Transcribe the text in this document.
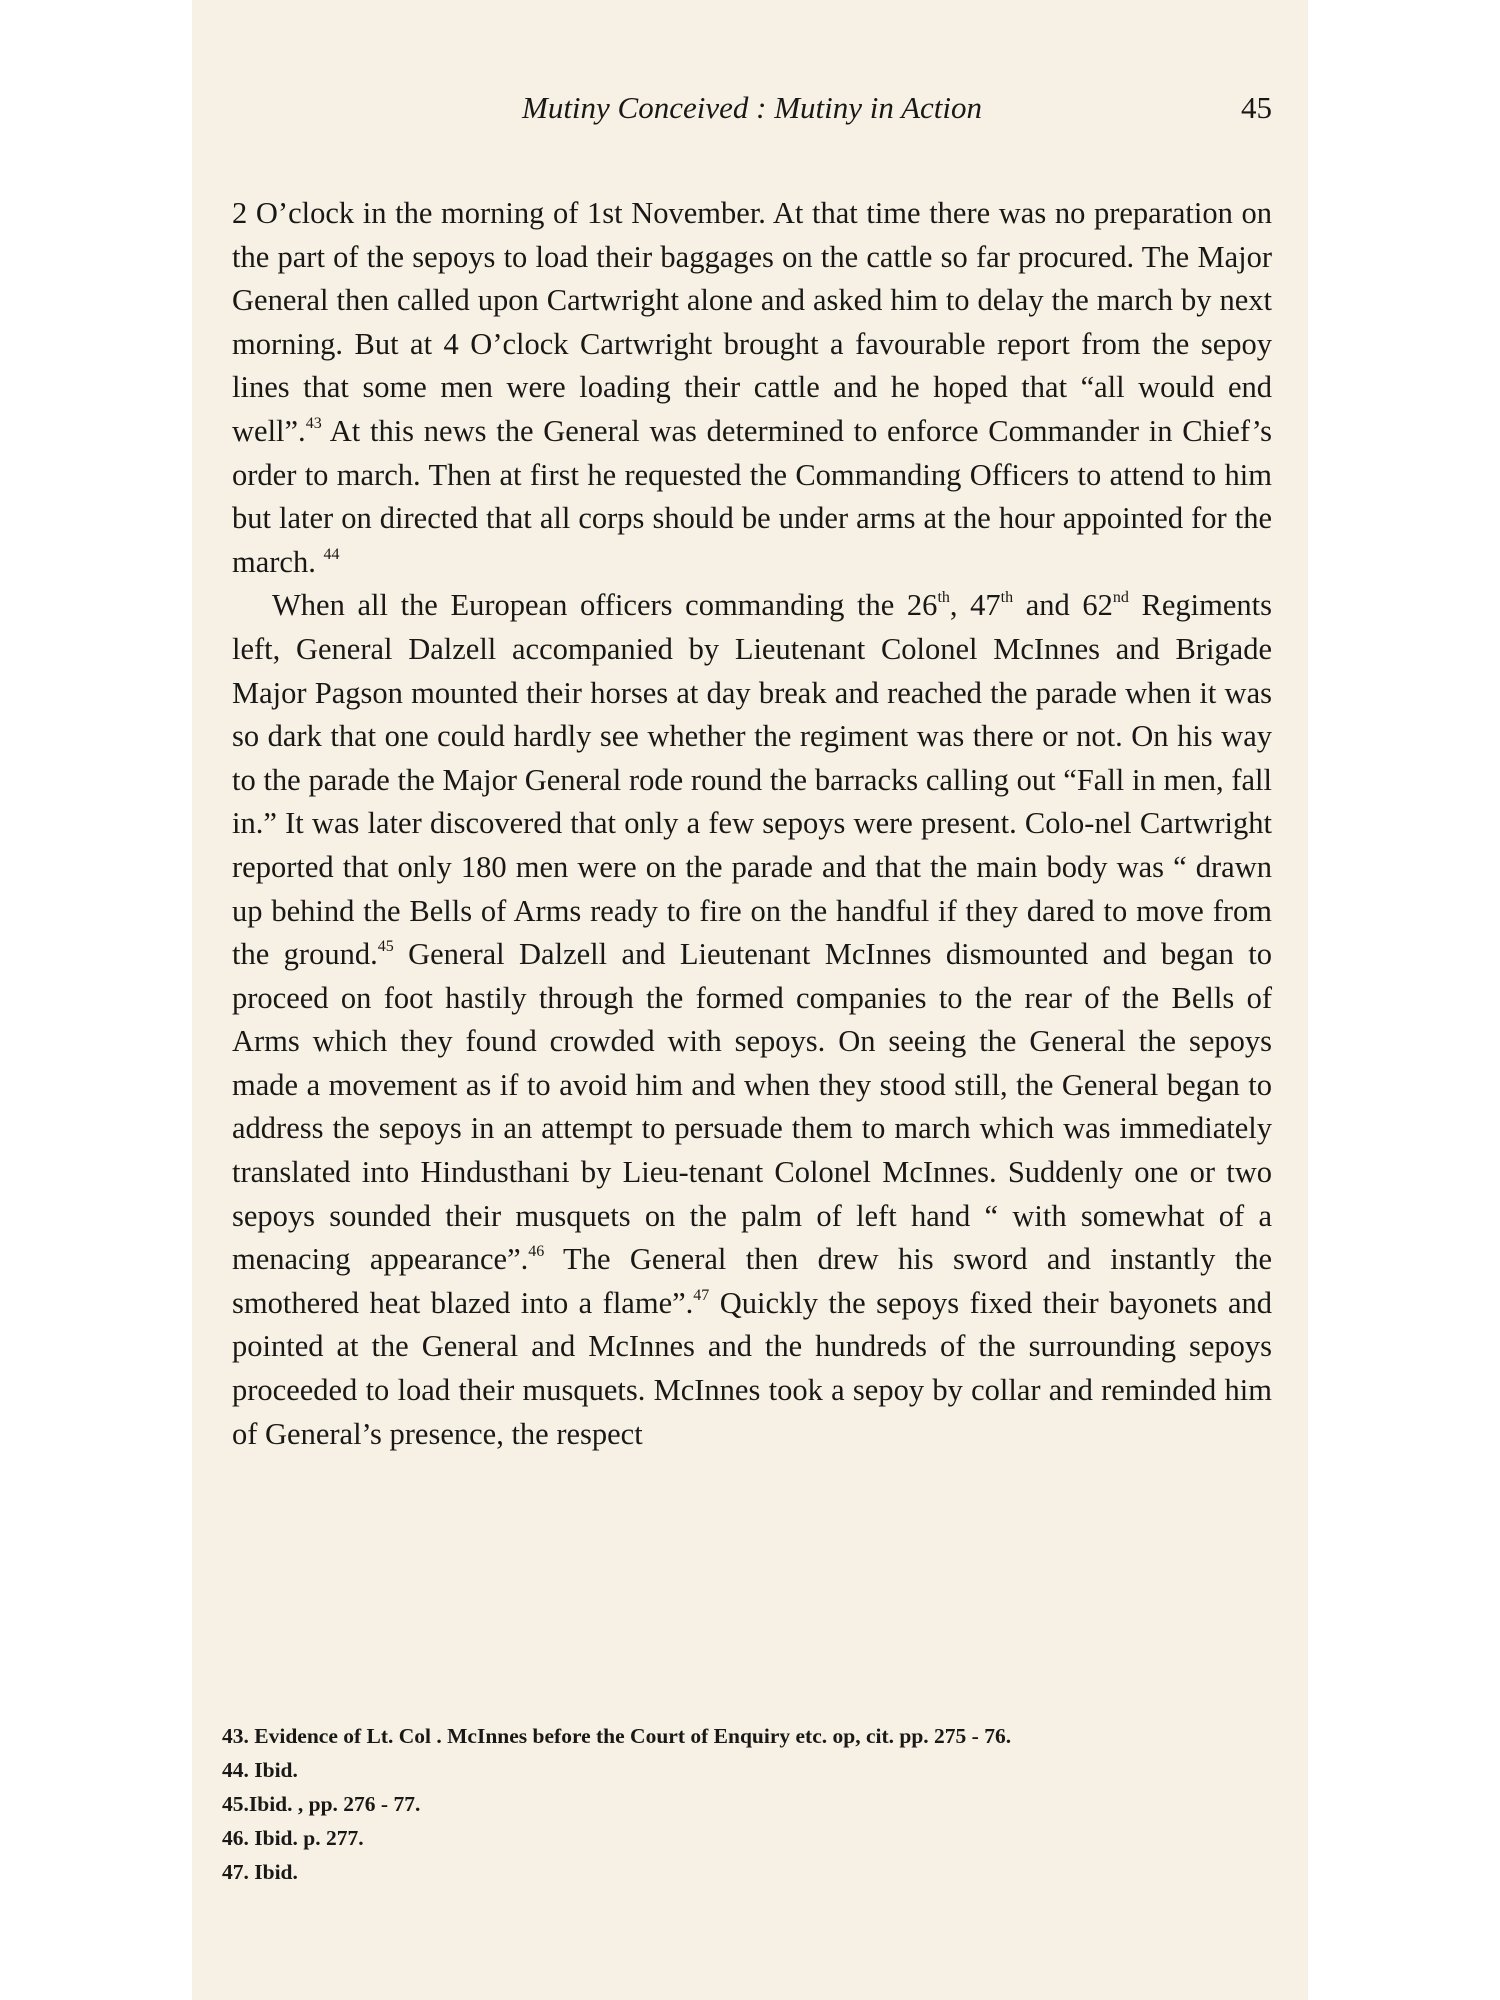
Mutiny Conceived : Mutiny in Action	45

2 O’clock in the morning of 1st November. At that time there was no preparation on the part of the sepoys to load their baggages on the cattle so far procured. The Major General then called upon Cartwright alone and asked him to delay the march by next morning. But at 4 O’clock Cartwright brought a favourable report from the sepoy lines that some men were loading their cattle and he hoped that “all would end well”.$^{43}$ At this news the General was determined to enforce Commander in Chief’s order to march. Then at first he requested the Commanding Officers to attend to him but later on directed that all corps should be under arms at the hour appointed for the march. $^{44}$

When all the European officers commanding the 26th, 47th and 62nd Regiments left, General Dalzell accompanied by Lieutenant Colonel McInnes and Brigade Major Pagson mounted their horses at day break and reached the parade when it was so dark that one could hardly see whether the regiment was there or not. On his way to the parade the Major General rode round the barracks calling out “Fall in men, fall in.” It was later discovered that only a few sepoys were present. Colo-nel Cartwright reported that only 180 men were on the parade and that the main body was “ drawn up behind the Bells of Arms ready to fire on the handful if they dared to move from the ground.$^{45}$ General Dalzell and Lieutenant McInnes dismounted and began to proceed on foot hastily through the formed companies to the rear of the Bells of Arms which they found crowded with sepoys. On seeing the General the sepoys made a movement as if to avoid him and when they stood still, the General began to address the sepoys in an attempt to persuade them to march which was immediately translated into Hindusthani by Lieu-tenant Colonel McInnes. Suddenly one or two sepoys sounded their musquets on the palm of left hand “ with somewhat of a menacing appearance”.$^{46}$ The General then drew his sword and instantly the smothered heat blazed into a flame”.$^{47}$ Quickly the sepoys fixed their bayonets and pointed at the General and McInnes and the hundreds of the surrounding sepoys proceeded to load their musquets. McInnes took a sepoy by collar and reminded him of General’s presence, the respect

43. Evidence of Lt. Col . McInnes before the Court of Enquiry etc. op, cit. pp. 275 - 76.
44. Ibid.
45.Ibid. , pp. 276 - 77.
46. Ibid. p. 277.
47. Ibid.
